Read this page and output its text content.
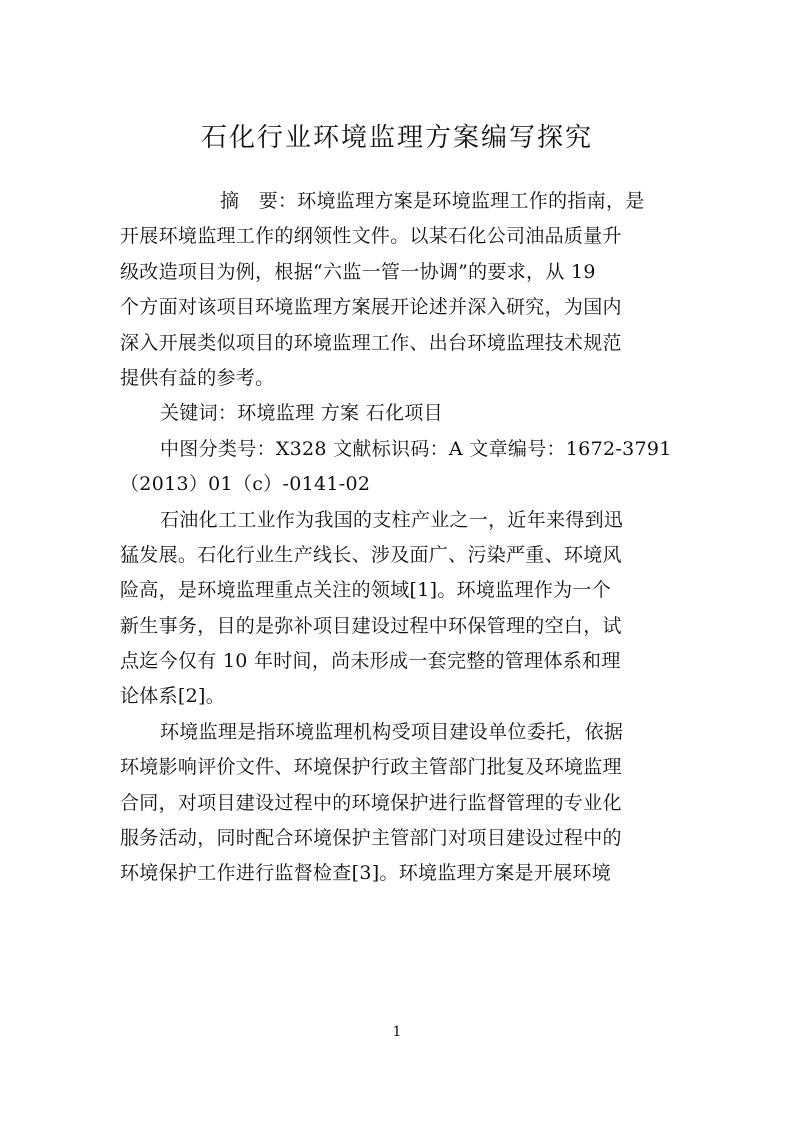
石化行业环境监理方案编写探究
摘　要：环境监理方案是环境监理工作的指南，是
开展环境监理工作的纲领性文件。以某石化公司油品质量升
级改造项目为例，根据“六监一管一协调”的要求，从 19
个方面对该项目环境监理方案展开论述并深入研究，为国内
深入开展类似项目的环境监理工作、出台环境监理技术规范
提供有益的参考。
关键词：环境监理 方案 石化项目
中图分类号：X328 文献标识码：A 文章编号：1672-3791
（2013）01（c）-0141-02
石油化工工业作为我国的支柱产业之一，近年来得到迅
猛发展。石化行业生产线长、涉及面广、污染严重、环境风
险高，是环境监理重点关注的领域[1]。环境监理作为一个
新生事务，目的是弥补项目建设过程中环保管理的空白，试
点迄今仅有 10 年时间，尚未形成一套完整的管理体系和理
论体系[2]。
环境监理是指环境监理机构受项目建设单位委托，依据
环境影响评价文件、环境保护行政主管部门批复及环境监理
合同，对项目建设过程中的环境保护进行监督管理的专业化
服务活动，同时配合环境保护主管部门对项目建设过程中的
环境保护工作进行监督检查[3]。环境监理方案是开展环境
1
